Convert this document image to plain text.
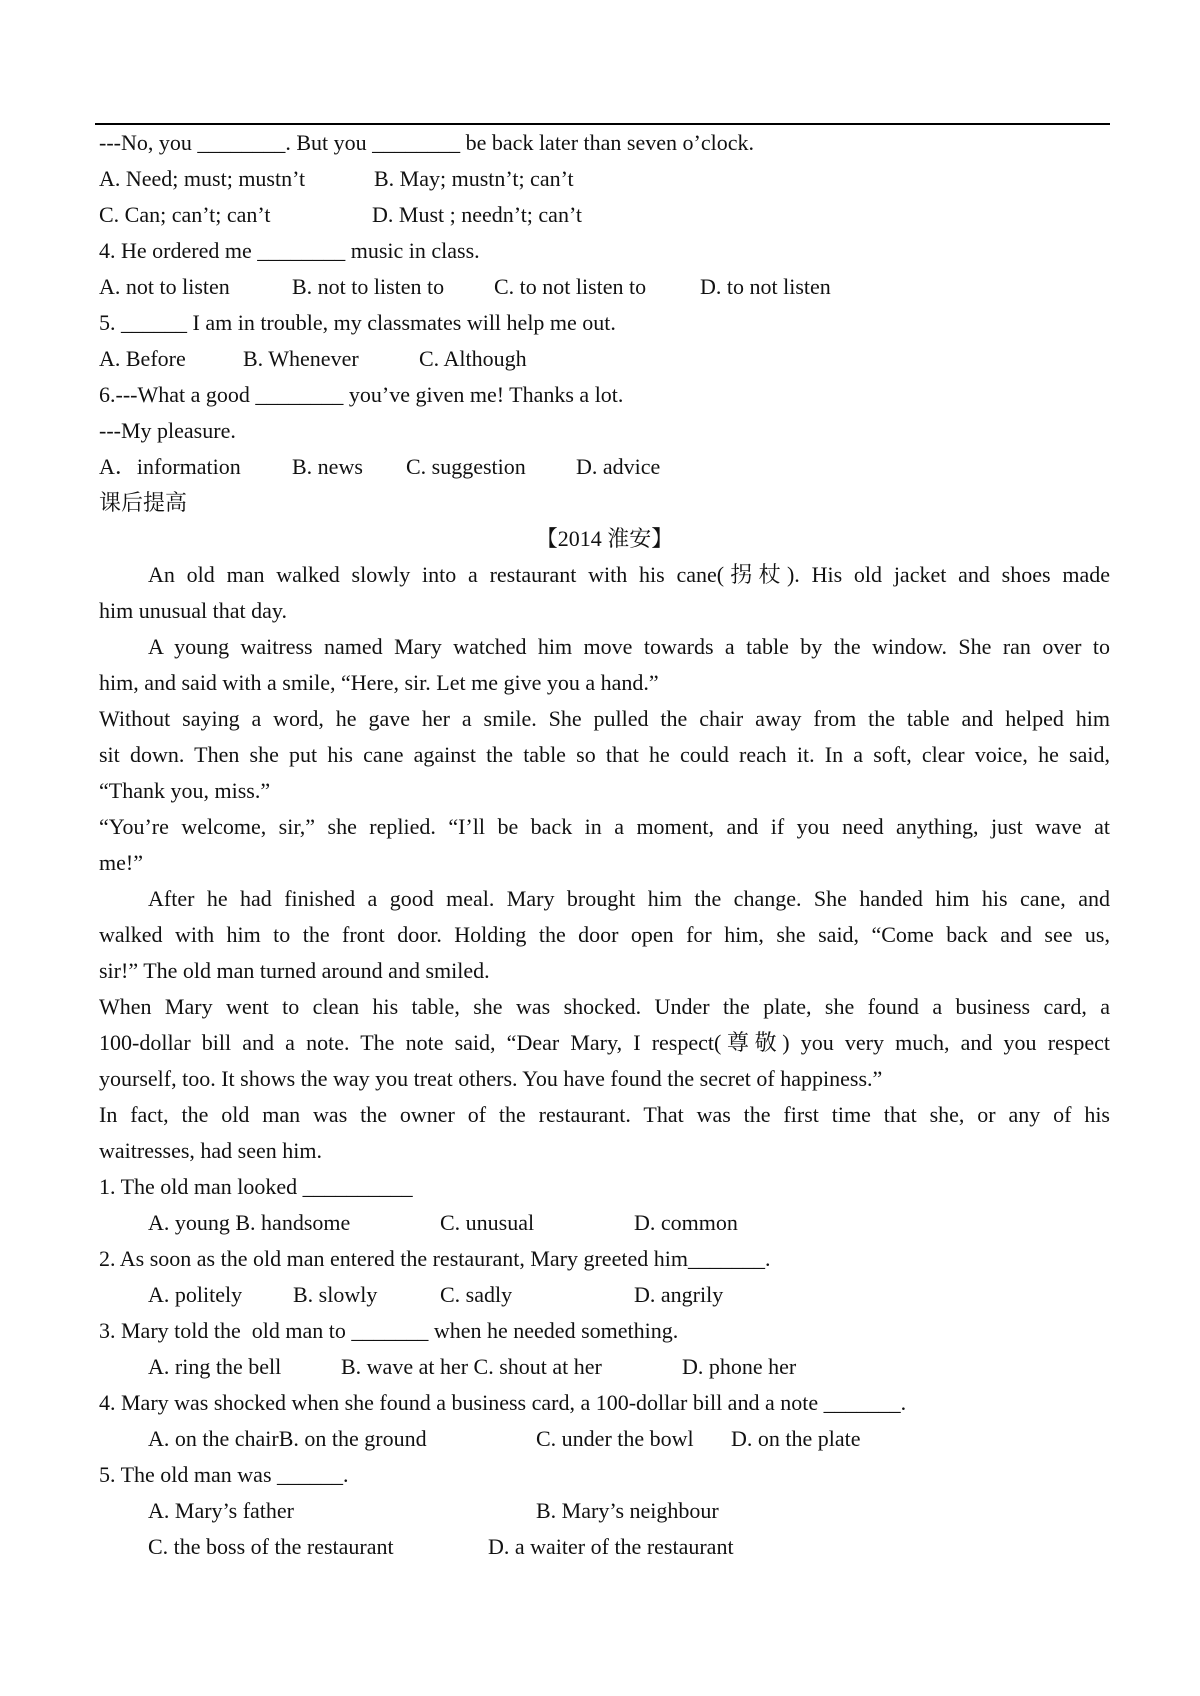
---No, you ________. But you ________ be back later than seven o’clock.
A. Need; must; mustn’t	B. May; mustn’t; can’t
C. Can; can’t; can’t	D. Must ; needn’t; can’t
4. He ordered me ________ music in class.
A. not to listen	B. not to listen to C. to not listen to D. to not listen
5. ______ I am in trouble, my classmates will help me out.
A. Before	B. Whenever	C. Although
6.---What a good ________ you’ve given me! Thanks a lot.
---My pleasure.
A．information B. news C. suggestion D. advice
课后提高
【2014 淮安】
An old man walked slowly into a restaurant with his cane(拐杖). His old jacket and shoes made
him unusual that day.
A young waitress named Mary watched him move towards a table by the window. She ran over to
him, and said with a smile, “Here, sir. Let me give you a hand.”
Without saying a word, he gave her a smile. She pulled the chair away from the table and helped him
sit down. Then she put his cane against the table so that he could reach it. In a soft, clear voice, he said,
“Thank you, miss.”
“You’re welcome, sir,” she replied. “I’ll be back in a moment, and if you need anything, just wave at
me!”
After he had finished a good meal. Mary brought him the change. She handed him his cane, and
walked with him to the front door. Holding the door open for him, she said, “Come back and see us,
sir!” The old man turned around and smiled.
When Mary went to clean his table, she was shocked. Under the plate, she found a business card, a
100-dollar bill and a note. The note said, “Dear Mary, I respect(尊敬) you very much, and you respect
yourself, too. It shows the way you treat others. You have found the secret of happiness.”
In fact, the old man was the owner of the restaurant. That was the first time that she, or any of his
waitresses, had seen him.
1. The old man looked __________
A. young B. handsome	C. unusual	D. common
2. As soon as the old man entered the restaurant, Mary greeted him_______.
A. politely B. slowly	C. sadly	D. angrily
3. Mary told the  old man to _______ when he needed something.
A. ring the bell	B. wave at her C. shout at her	D. phone her
4. Mary was shocked when she found a business card, a 100-dollar bill and a note _______.
A. on the chairB. on the ground	C. under the bowl D. on the plate
5. The old man was ______.
A. Mary’s father	B. Mary’s neighbour
C. the boss of the restaurant	D. a waiter of the restaurant
